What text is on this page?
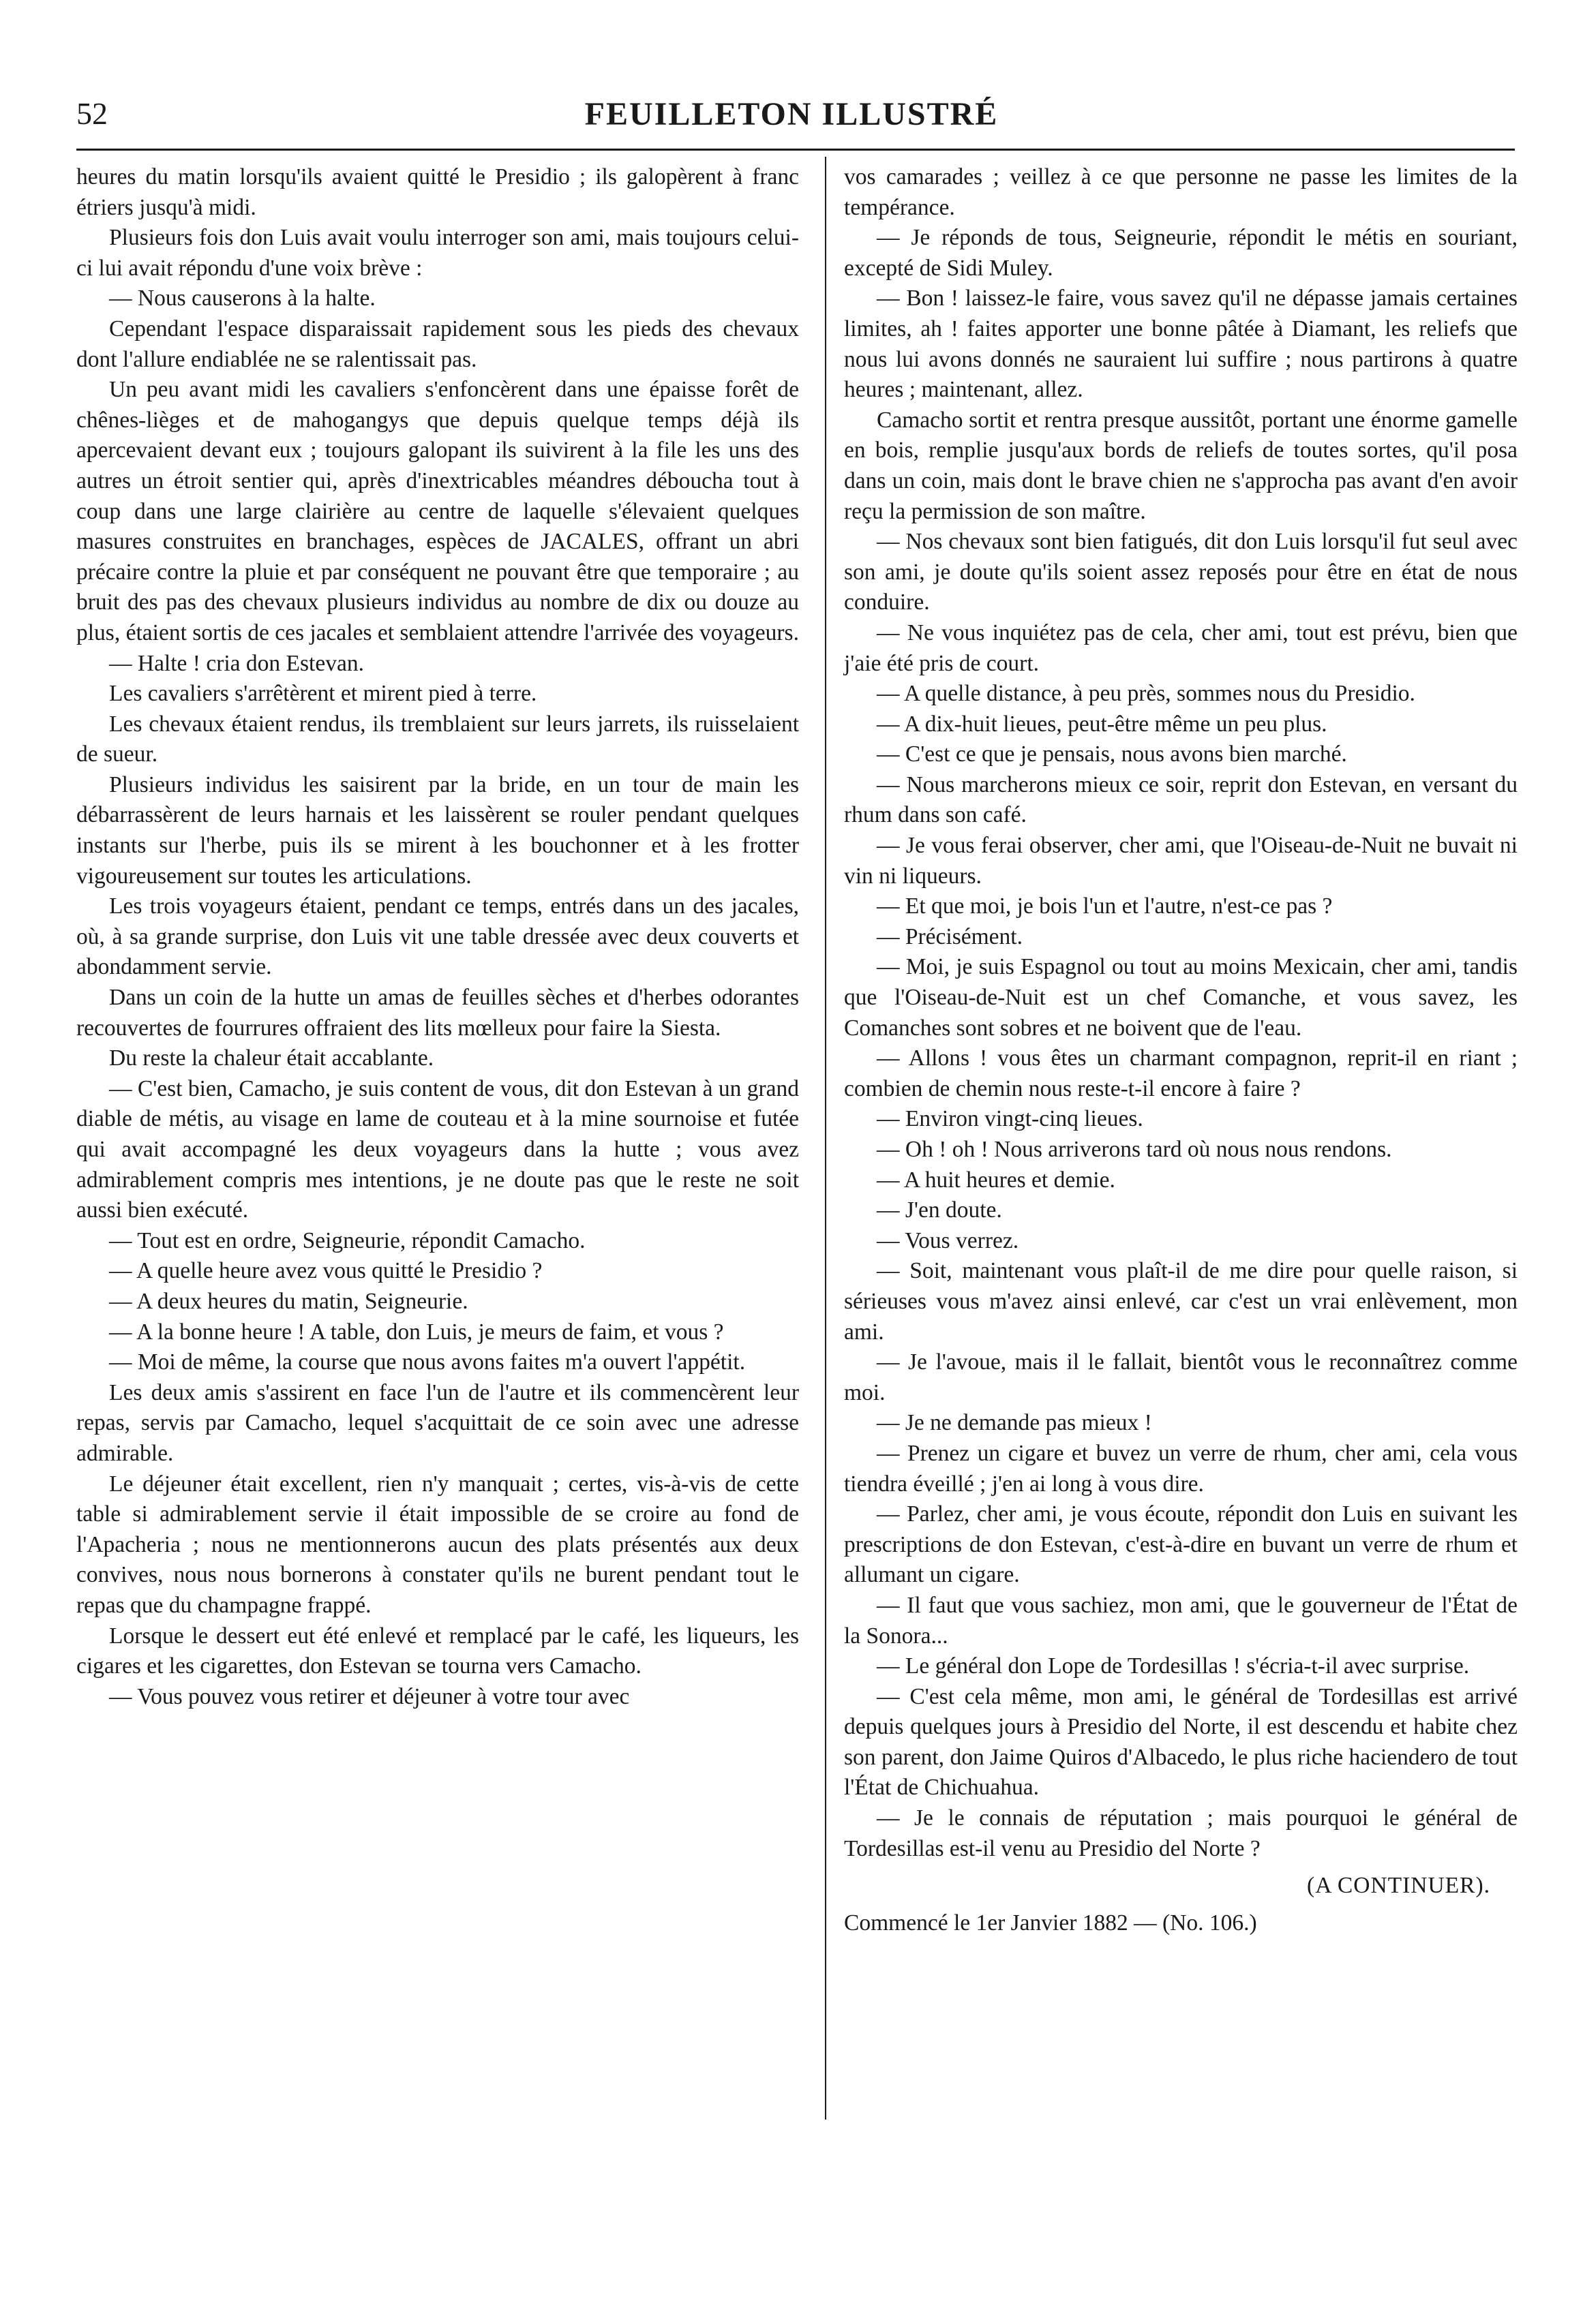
52	FEUILLETON ILLUSTRÉ

heures du matin lorsqu'ils avaient quitté le Presidio ; ils galopèrent à franc étriers jusqu'à midi.

Plusieurs fois don Luis avait voulu interroger son ami, mais toujours celui-ci lui avait répondu d'une voix brève :

— Nous causerons à la halte.

Cependant l'espace disparaissait rapidement sous les pieds des chevaux dont l'allure endiablée ne se ralentissait pas.

Un peu avant midi les cavaliers s'enfoncèrent dans une épaisse forêt de chênes-lièges et de mahogangys que depuis quelque temps déjà ils apercevaient devant eux ; toujours galopant ils suivirent à la file les uns des autres un étroit sentier qui, après d'inextricables méandres déboucha tout à coup dans une large clairière au centre de laquelle s'élevaient quelques masures construites en branchages, espèces de JACALES, offrant un abri précaire contre la pluie et par conséquent ne pouvant être que temporaire ; au bruit des pas des chevaux plusieurs individus au nombre de dix ou douze au plus, étaient sortis de ces jacales et semblaient attendre l'arrivée des voyageurs.

— Halte ! cria don Estevan.

Les cavaliers s'arrêtèrent et mirent pied à terre.

Les chevaux étaient rendus, ils tremblaient sur leurs jarrets, ils ruisselaient de sueur.

Plusieurs individus les saisirent par la bride, en un tour de main les débarrassèrent de leurs harnais et les laissèrent se rouler pendant quelques instants sur l'herbe, puis ils se mirent à les bouchonner et à les frotter vigoureusement sur toutes les articulations.

Les trois voyageurs étaient, pendant ce temps, entrés dans un des jacales, où, à sa grande surprise, don Luis vit une table dressée avec deux couverts et abondamment servie.

Dans un coin de la hutte un amas de feuilles sèches et d'herbes odorantes recouvertes de fourrures offraient des lits mœlleux pour faire la Siesta.

Du reste la chaleur était accablante.

— C'est bien, Camacho, je suis content de vous, dit don Estevan à un grand diable de métis, au visage en lame de couteau et à la mine sournoise et futée qui avait accompagné les deux voyageurs dans la hutte ; vous avez admirablement compris mes intentions, je ne doute pas que le reste ne soit aussi bien exécuté.

— Tout est en ordre, Seigneurie, répondit Camacho.

— A quelle heure avez vous quitté le Presidio ?

— A deux heures du matin, Seigneurie.

— A la bonne heure ! A table, don Luis, je meurs de faim, et vous ?

— Moi de même, la course que nous avons faites m'a ouvert l'appétit.

Les deux amis s'assirent en face l'un de l'autre et ils commencèrent leur repas, servis par Camacho, lequel s'acquittait de ce soin avec une adresse admirable.

Le déjeuner était excellent, rien n'y manquait ; certes, vis-à-vis de cette table si admirablement servie il était impossible de se croire au fond de l'Apacheria ; nous ne mentionnerons aucun des plats présentés aux deux convives, nous nous bornerons à constater qu'ils ne burent pendant tout le repas que du champagne frappé.

Lorsque le dessert eut été enlevé et remplacé par le café, les liqueurs, les cigares et les cigarettes, don Estevan se tourna vers Camacho.

— Vous pouvez vous retirer et déjeuner à votre tour avec

vos camarades ; veillez à ce que personne ne passe les limites de la tempérance.

— Je réponds de tous, Seigneurie, répondit le métis en souriant, excepté de Sidi Muley.

— Bon ! laissez-le faire, vous savez qu'il ne dépasse jamais certaines limites, ah ! faites apporter une bonne pâtée à Diamant, les reliefs que nous lui avons donnés ne sauraient lui suffire ; nous partirons à quatre heures ; maintenant, allez.

Camacho sortit et rentra presque aussitôt, portant une énorme gamelle en bois, remplie jusqu'aux bords de reliefs de toutes sortes, qu'il posa dans un coin, mais dont le brave chien ne s'approcha pas avant d'en avoir reçu la permission de son maître.

— Nos chevaux sont bien fatigués, dit don Luis lorsqu'il fut seul avec son ami, je doute qu'ils soient assez reposés pour être en état de nous conduire.

— Ne vous inquiétez pas de cela, cher ami, tout est prévu, bien que j'aie été pris de court.

— A quelle distance, à peu près, sommes nous du Presidio.

— A dix-huit lieues, peut-être même un peu plus.

— C'est ce que je pensais, nous avons bien marché.

— Nous marcherons mieux ce soir, reprit don Estevan, en versant du rhum dans son café.

— Je vous ferai observer, cher ami, que l'Oiseau-de-Nuit ne buvait ni vin ni liqueurs.

— Et que moi, je bois l'un et l'autre, n'est-ce pas ?

— Précisément.

— Moi, je suis Espagnol ou tout au moins Mexicain, cher ami, tandis que l'Oiseau-de-Nuit est un chef Comanche, et vous savez, les Comanches sont sobres et ne boivent que de l'eau.

— Allons ! vous êtes un charmant compagnon, reprit-il en riant ; combien de chemin nous reste-t-il encore à faire ?

— Environ vingt-cinq lieues.

— Oh ! oh ! Nous arriverons tard où nous nous rendons.

— A huit heures et demie.

— J'en doute.

— Vous verrez.

— Soit, maintenant vous plaît-il de me dire pour quelle raison, si sérieuses vous m'avez ainsi enlevé, car c'est un vrai enlèvement, mon ami.

— Je l'avoue, mais il le fallait, bientôt vous le reconnaîtrez comme moi.

— Je ne demande pas mieux !

— Prenez un cigare et buvez un verre de rhum, cher ami, cela vous tiendra éveillé ; j'en ai long à vous dire.

— Parlez, cher ami, je vous écoute, répondit don Luis en suivant les prescriptions de don Estevan, c'est-à-dire en buvant un verre de rhum et allumant un cigare.

— Il faut que vous sachiez, mon ami, que le gouverneur de l'État de la Sonora...

— Le général don Lope de Tordesillas ! s'écria-t-il avec surprise.

— C'est cela même, mon ami, le général de Tordesillas est arrivé depuis quelques jours à Presidio del Norte, il est descendu et habite chez son parent, don Jaime Quiros d'Albacedo, le plus riche haciendero de tout l'État de Chichuahua.

— Je le connais de réputation ; mais pourquoi le général de Tordesillas est-il venu au Presidio del Norte ?

(A CONTINUER).

Commencé le 1er Janvier 1882 — (No. 106.)
